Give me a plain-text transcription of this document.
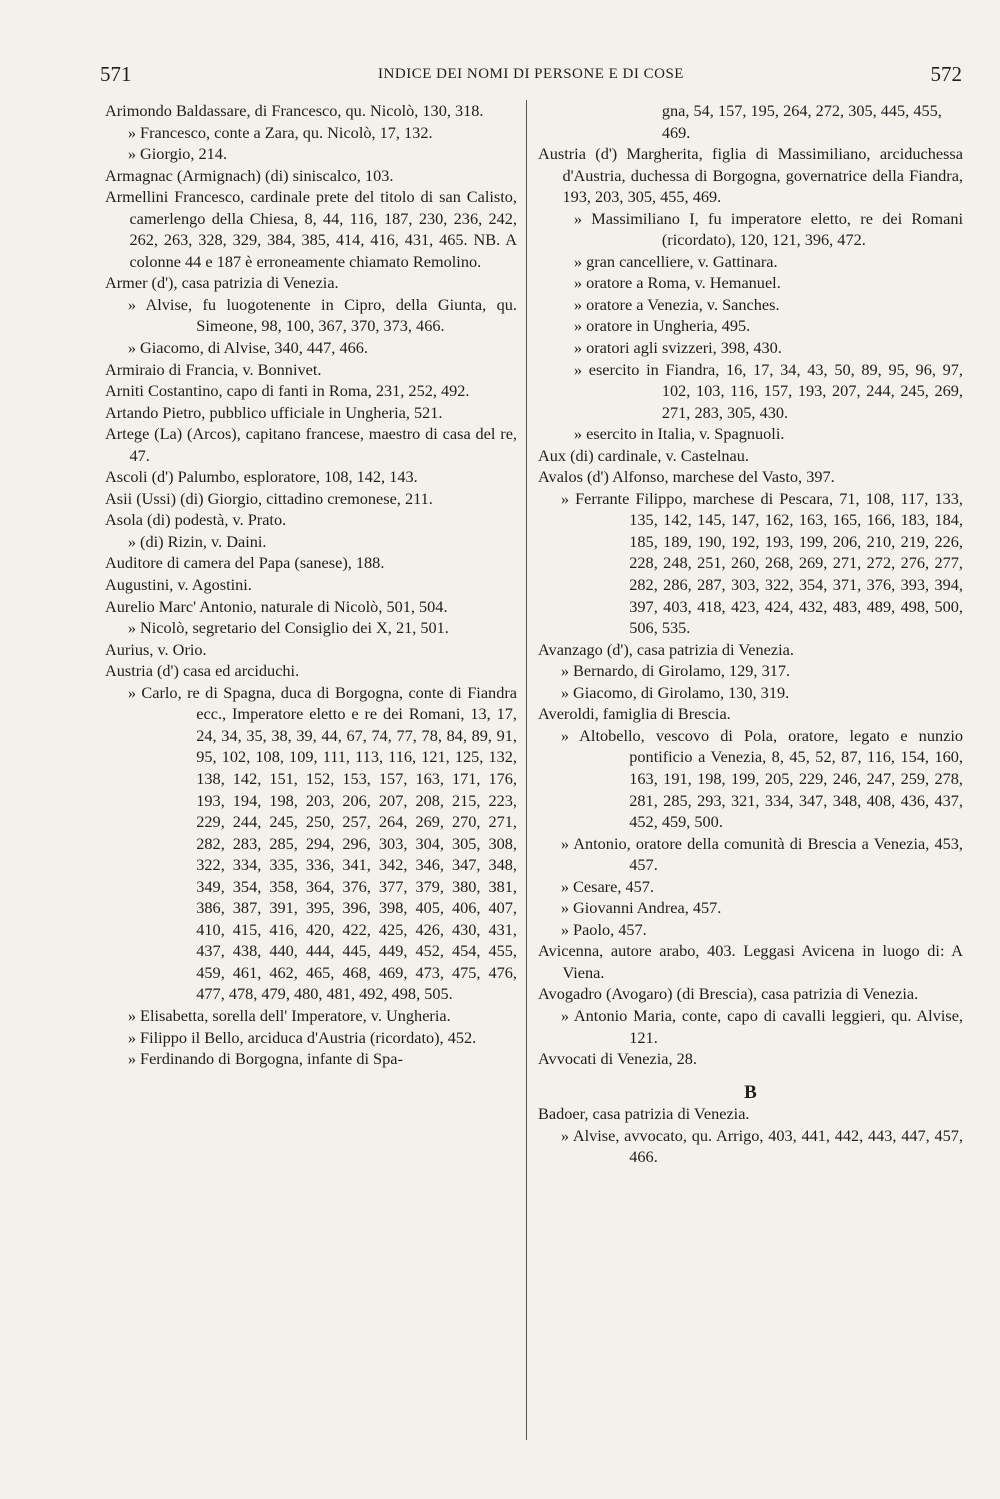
571	INDICE DEI NOMI DI PERSONE E DI COSE	572
Arimondo Baldassare, di Francesco, qu. Nicolò, 130, 318.
» Francesco, conte a Zara, qu. Nicolò, 17, 132.
» Giorgio, 214.
Armagnac (Armignach) (di) siniscalco, 103.
Armellini Francesco, cardinale prete del titolo di san Calisto, camerlengo della Chiesa, 8, 44, 116, 187, 230, 236, 242, 262, 263, 328, 329, 384, 385, 414, 416, 431, 465. NB. A colonne 44 e 187 è erroneamente chiamato Remolino.
Armer (d'), casa patrizia di Venezia.
» Alvise, fu luogotenente in Cipro, della Giunta, qu. Simeone, 98, 100, 367, 370, 373, 466.
» Giacomo, di Alvise, 340, 447, 466.
Armiraio di Francia, v. Bonnivet.
Arniti Costantino, capo di fanti in Roma, 231, 252, 492.
Artando Pietro, pubblico ufficiale in Ungheria, 521.
Artege (La) (Arcos), capitano francese, maestro di casa del re, 47.
Ascoli (d') Palumbo, esploratore, 108, 142, 143.
Asii (Ussi) (di) Giorgio, cittadino cremonese, 211.
Asola (di) podestà, v. Prato.
» (di) Rizin, v. Daini.
Auditore di camera del Papa (sanese), 188.
Augustini, v. Agostini.
Aurelio Marc' Antonio, naturale di Nicolò, 501, 504.
» Nicolò, segretario del Consiglio dei X, 21, 501.
Aurius, v. Orio.
Austria (d') casa ed arciduchi.
» Carlo, re di Spagna, duca di Borgogna, conte di Fiandra ecc., Imperatore eletto e re dei Romani, 13, 17, 24, 34, 35, 38, 39, 44, 67, 74, 77, 78, 84, 89, 91, 95, 102, 108, 109, 111, 113, 116, 121, 125, 132, 138, 142, 151, 152, 153, 157, 163, 171, 176, 193, 194, 198, 203, 206, 207, 208, 215, 223, 229, 244, 245, 250, 257, 264, 269, 270, 271, 282, 283, 285, 294, 296, 303, 304, 305, 308, 322, 334, 335, 336, 341, 342, 346, 347, 348, 349, 354, 358, 364, 376, 377, 379, 380, 381, 386, 387, 391, 395, 396, 398, 405, 406, 407, 410, 415, 416, 420, 422, 425, 426, 430, 431, 437, 438, 440, 444, 445, 449, 452, 454, 455, 459, 461, 462, 465, 468, 469, 473, 475, 476, 477, 478, 479, 480, 481, 492, 498, 505.
» Elisabetta, sorella dell' Imperatore, v. Ungheria.
» Filippo il Bello, arciduca d'Austria (ricordato), 452.
» Ferdinando di Borgogna, infante di Spa-
gna, 54, 157, 195, 264, 272, 305, 445, 455, 469.
Austria (d') Margherita, figlia di Massimiliano, arciduchessa d'Austria, duchessa di Borgogna, governatrice della Fiandra, 193, 203, 305, 455, 469.
» Massimiliano I, fu imperatore eletto, re dei Romani (ricordato), 120, 121, 396, 472.
» gran cancelliere, v. Gattinara.
» oratore a Roma, v. Hemanuel.
» oratore a Venezia, v. Sanches.
» oratore in Ungheria, 495.
» oratori agli svizzeri, 398, 430.
» esercito in Fiandra, 16, 17, 34, 43, 50, 89, 95, 96, 97, 102, 103, 116, 157, 193, 207, 244, 245, 269, 271, 283, 305, 430.
» esercito in Italia, v. Spagnuoli.
Aux (di) cardinale, v. Castelnau.
Avalos (d') Alfonso, marchese del Vasto, 397.
» Ferrante Filippo, marchese di Pescara, 71, 108, 117, 133, 135, 142, 145, 147, 162, 163, 165, 166, 183, 184, 185, 189, 190, 192, 193, 199, 206, 210, 219, 226, 228, 248, 251, 260, 268, 269, 271, 272, 276, 277, 282, 286, 287, 303, 322, 354, 371, 376, 393, 394, 397, 403, 418, 423, 424, 432, 483, 489, 498, 500, 506, 535.
Avanzago (d'), casa patrizia di Venezia.
» Bernardo, di Girolamo, 129, 317.
» Giacomo, di Girolamo, 130, 319.
Averoldi, famiglia di Brescia.
» Altobello, vescovo di Pola, oratore, legato e nunzio pontificio a Venezia, 8, 45, 52, 87, 116, 154, 160, 163, 191, 198, 199, 205, 229, 246, 247, 259, 278, 281, 285, 293, 321, 334, 347, 348, 408, 436, 437, 452, 459, 500.
» Antonio, oratore della comunità di Brescia a Venezia, 453, 457.
» Cesare, 457.
» Giovanni Andrea, 457.
» Paolo, 457.
Avicenna, autore arabo, 403. Leggasi Avicena in luogo di: A Viena.
Avogadro (Avogaro) (di Brescia), casa patrizia di Venezia.
» Antonio Maria, conte, capo di cavalli leggieri, qu. Alvise, 121.
Avvocati di Venezia, 28.
B
Badoer, casa patrizia di Venezia.
» Alvise, avvocato, qu. Arrigo, 403, 441, 442, 443, 447, 457, 466.
